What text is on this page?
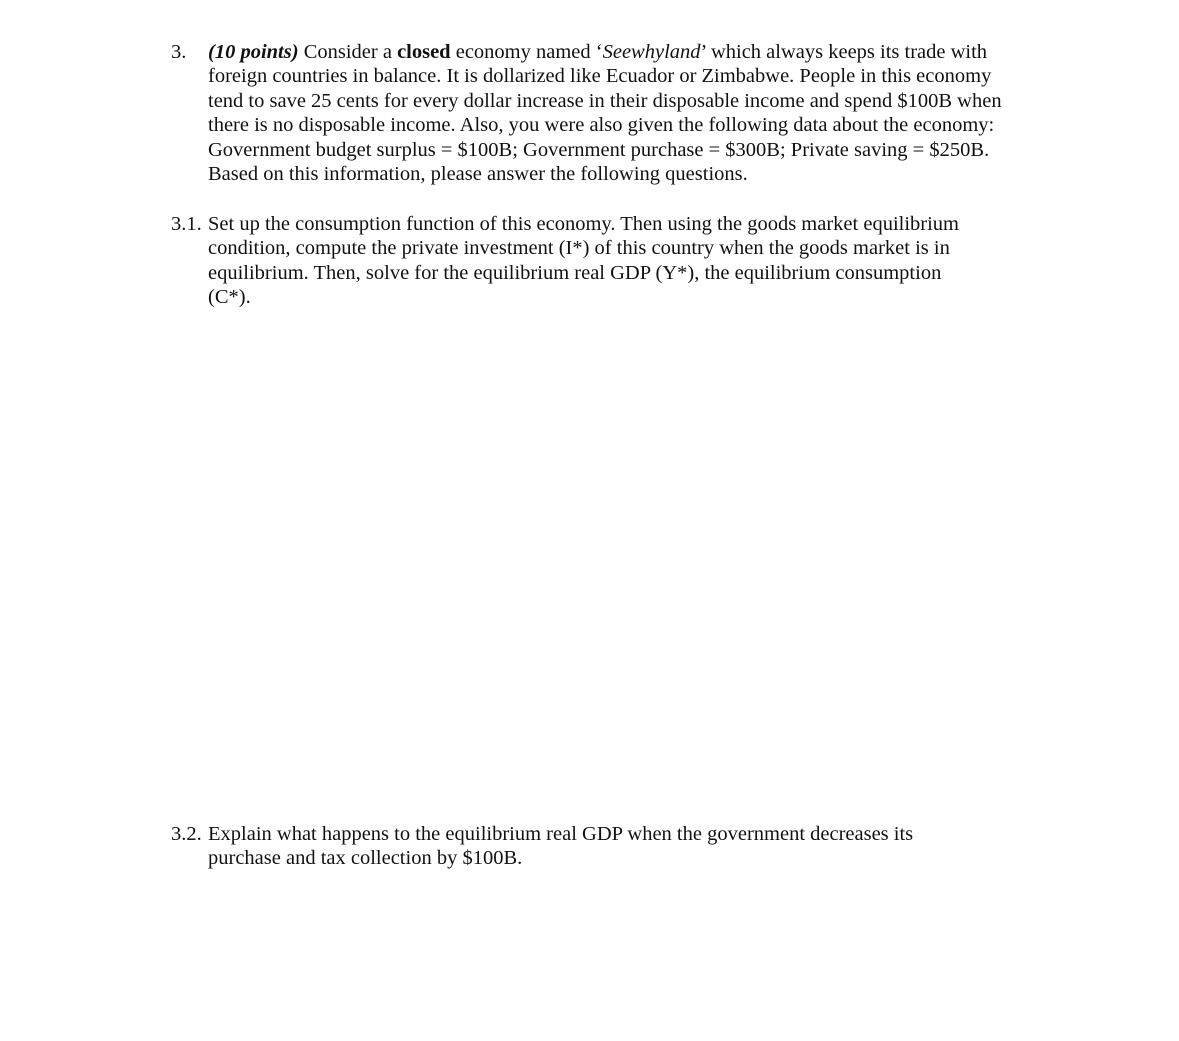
3. (10 points) Consider a closed economy named ‘Seewhyland’ which always keeps its trade with foreign countries in balance. It is dollarized like Ecuador or Zimbabwe. People in this economy tend to save 25 cents for every dollar increase in their disposable income and spend $100B when there is no disposable income. Also, you were also given the following data about the economy: Government budget surplus = $100B; Government purchase = $300B; Private saving = $250B. Based on this information, please answer the following questions.

3.1. Set up the consumption function of this economy. Then using the goods market equilibrium condition, compute the private investment (I*) of this country when the goods market is in equilibrium. Then, solve for the equilibrium real GDP (Y*), the equilibrium consumption (C*).

3.2. Explain what happens to the equilibrium real GDP when the government decreases its purchase and tax collection by $100B.
